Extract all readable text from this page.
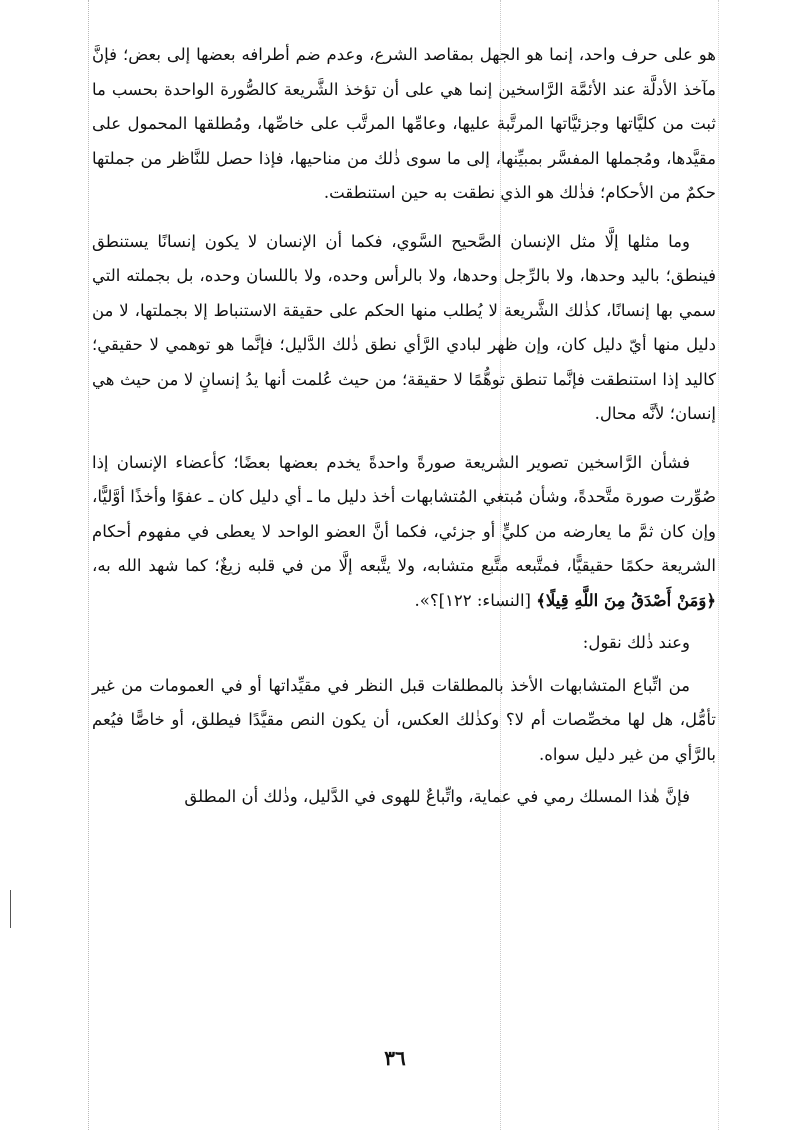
هو على حرف واحد، إنما هو الجهل بمقاصد الشرع، وعدم ضم أطرافه بعضها إلى بعض؛ فإنَّ مآخذ الأدلَّة عند الأئمَّة الرَّاسخين إنما هي على أن تؤخذ الشَّريعة كالصُّورة الواحدة بحسب ما ثبت من كليَّاتها وجزئيَّاتها المرتَّبة عليها، وعامِّها المرتَّب على خاصِّها، ومُطلقها المحمول على مقيَّدها، ومُجملها المفسَّر بمبيِّنها، إلى ما سوى ذٰلك من مناحيها، فإذا حصل للنَّاظر من جملتها حكمٌ من الأحكام؛ فذٰلك هو الذي نطقت به حين استنطقت.

وما مثلها إلَّا مثل الإنسان الصَّحيح السَّوي، فكما أن الإنسان لا يكون إنسانًا يستنطق فينطق؛ باليد وحدها، ولا بالرِّجل وحدها، ولا بالرأس وحده، ولا باللسان وحده، بل بجملته التي سمي بها إنسانًا، كذٰلك الشَّريعة لا يُطلب منها الحكم على حقيقة الاستنباط إلا بجملتها، لا من دليل منها أيّ دليل كان، وإن ظهر لبادي الرَّأي نطق ذٰلك الدَّليل؛ فإنَّما هو توهمي لا حقيقي؛ كاليد إذا استنطقت فإنَّما تنطق توهُّمًا لا حقيقة؛ من حيث عُلمت أنها يدُ إنسانٍ لا من حيث هي إنسان؛ لأنَّه محال.

فشأن الرَّاسخين تصوير الشريعة صورةً واحدةً يخدم بعضها بعضًا؛ كأعضاء الإنسان إذا صُوِّرت صورة متَّحدةً، وشأن مُبتغي المُتشابهات أخذ دليل ما ـ أي دليل كان ـ عفوًا وأخذًا أوَّليًّا، وإن كان ثمَّ ما يعارضه من كليٍّ أو جزئي، فكما أنَّ العضو الواحد لا يعطى في مفهوم أحكام الشريعة حكمًا حقيقيًّا، فمتَّبعه متَّبع متشابه، ولا يتَّبعه إلَّا من في قلبه زيغٌ؛ كما شهد الله به، ﴿وَمَنْ أَصْدَقُ مِنَ اللَّهِ قِيلًا﴾ [النساء: ١٢٢]؟».

وعند ذٰلك نقول:

من اتِّباع المتشابهات الأخذ بالمطلقات قبل النظر في مقيِّداتها أو في العمومات من غير تأمُّل، هل لها مخصِّصات أم لا؟ وكذٰلك العكس، أن يكون النص مقيَّدًا فيطلق، أو خاصًّا فيُعم بالرَّأي من غير دليل سواه.

فإنَّ هٰذا المسلك رمي في عماية، واتِّباعٌ للهوى في الدَّليل، وذٰلك أن المطلق

٣٦
